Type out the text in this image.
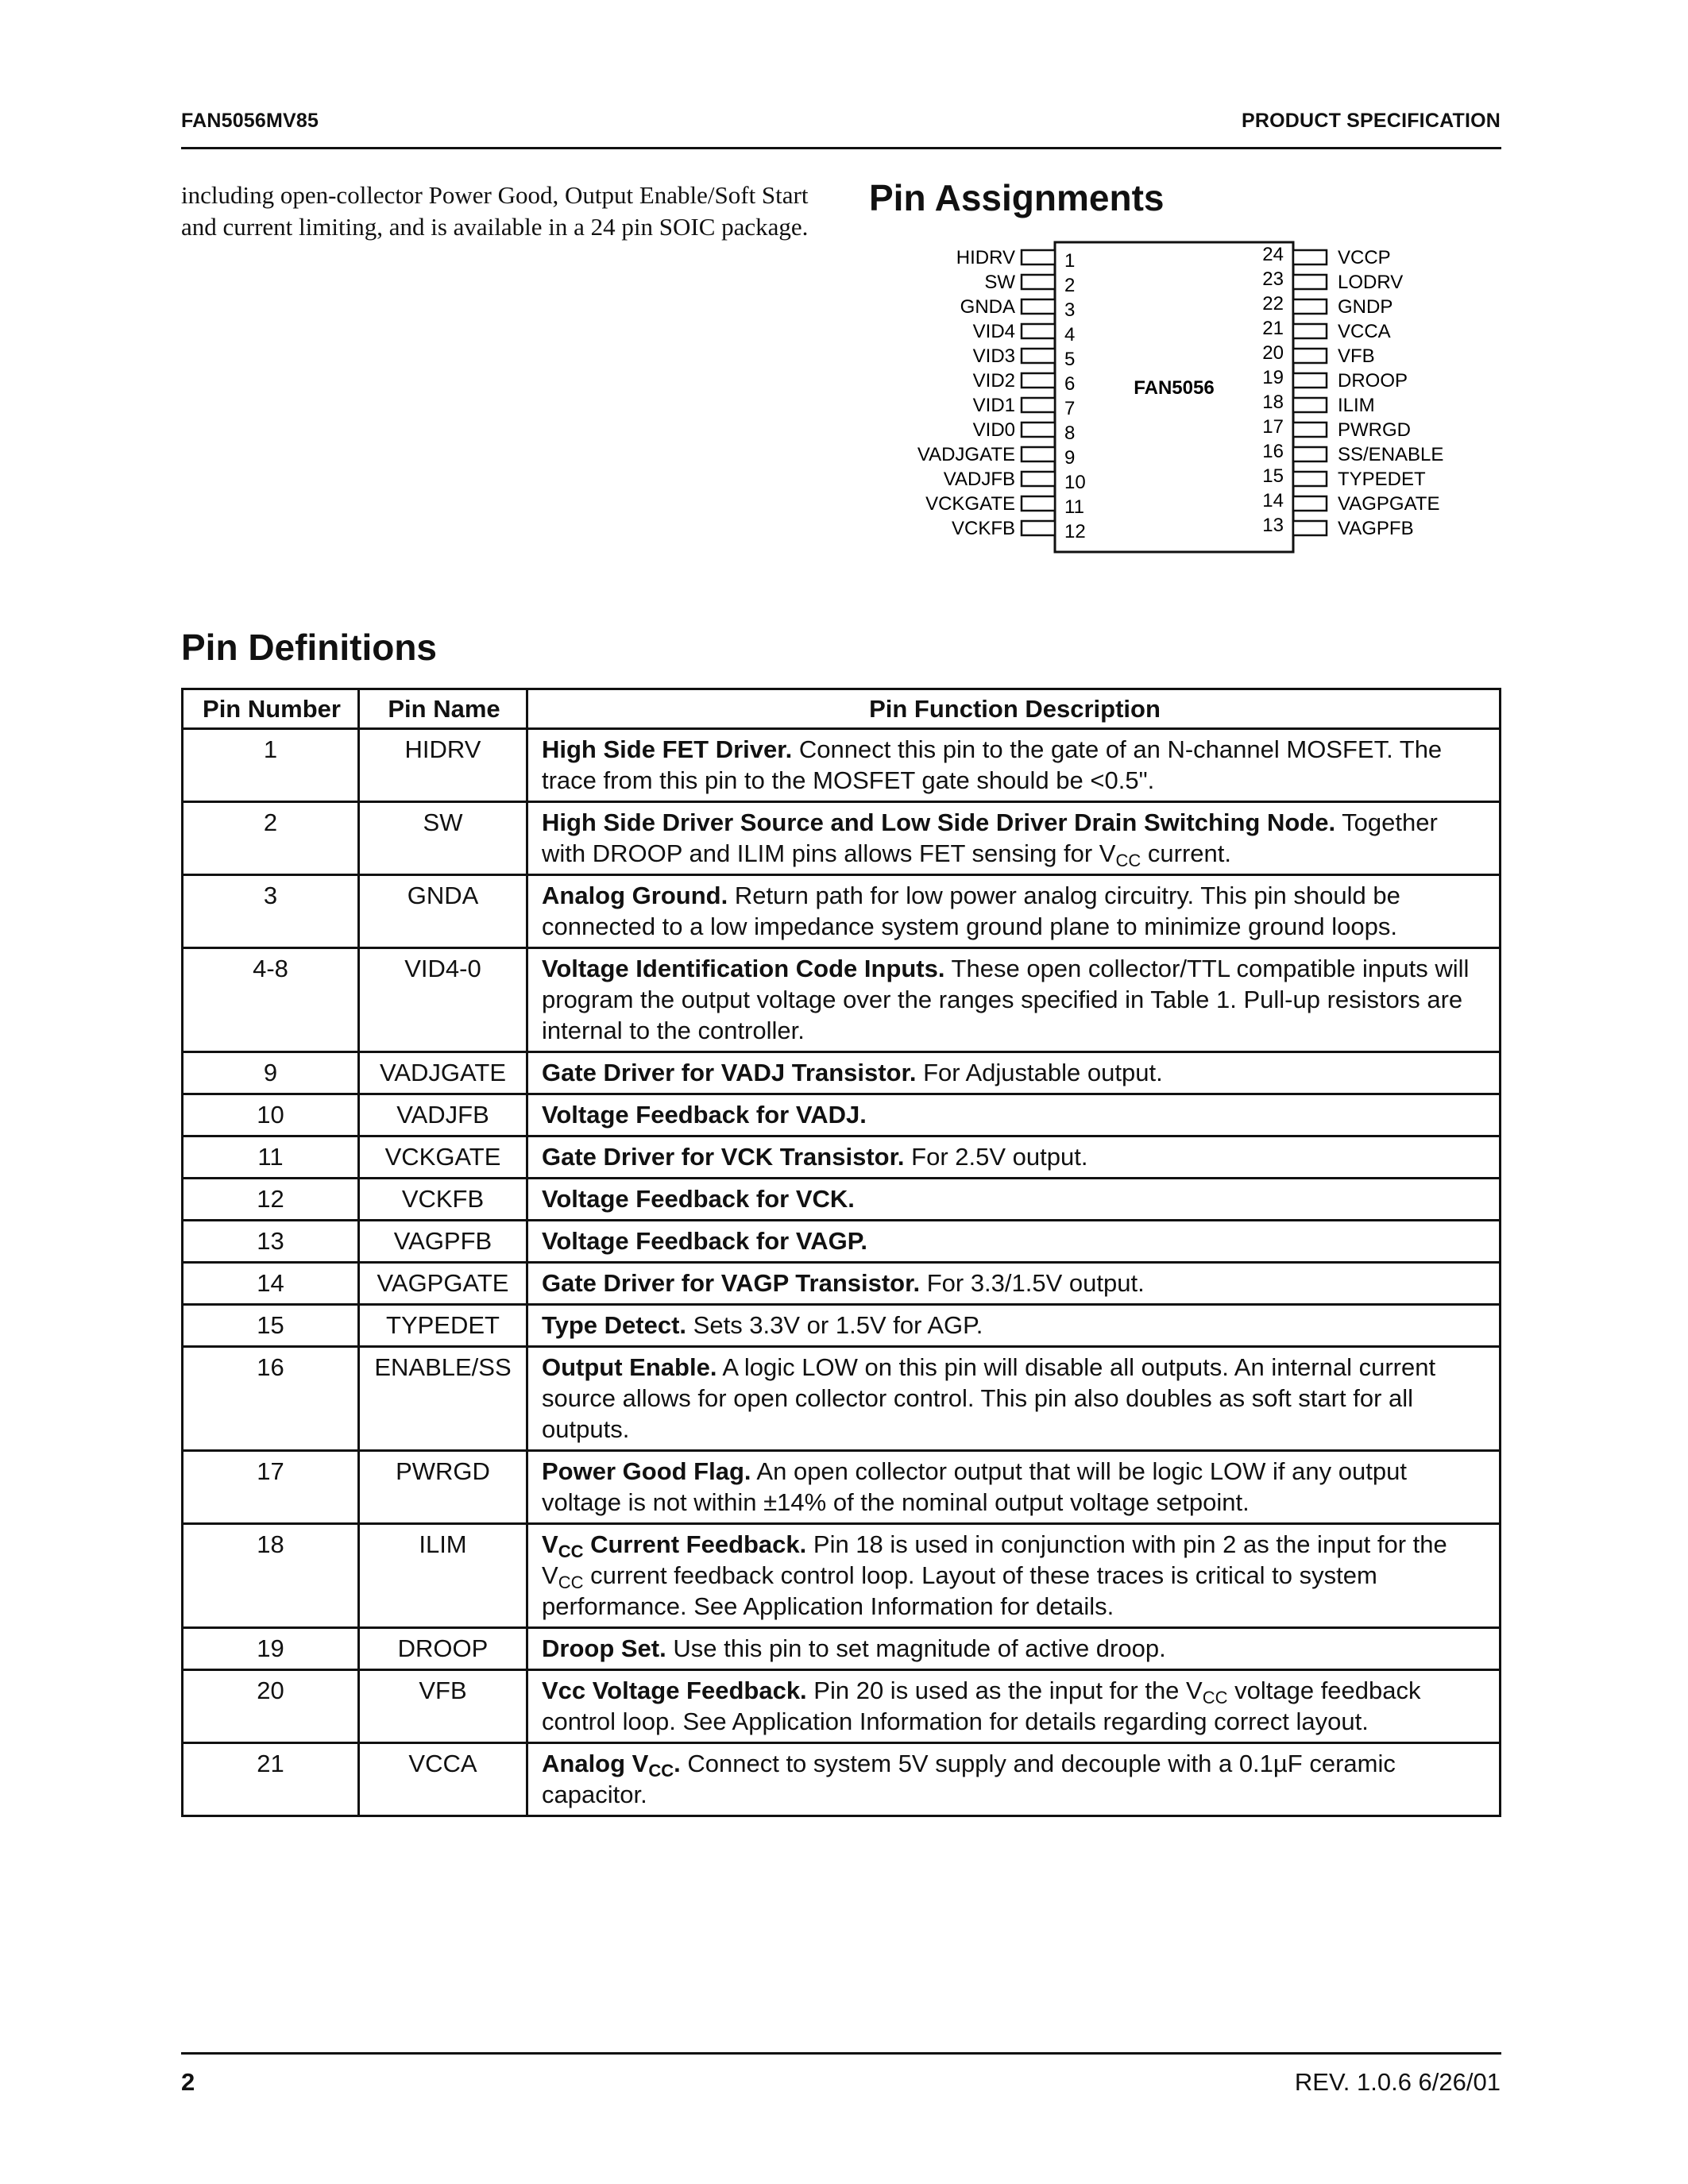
FAN5056MV85	PRODUCT SPECIFICATION
including open-collector Power Good, Output Enable/Soft Start and current limiting, and is available in a 24 pin SOIC package.
Pin Assignments
FAN5056
HIDRV	1
SW	2
GNDA	3
VID4	4
VID3	5
VID2	6
VID1	7
VID0	8
VADJGATE	9
VADJFB	10
VCKGATE	11
VCKFB	12
VCCP
24
LODRV
23
GNDP
22
VCCA
21
VFB
20
DROOP
19
ILIM
18
PWRGD
17
SS/ENABLE
16
TYPEDET
15
VAGPGATE
14
VAGPFB
13
Pin Definitions
Pin Number	Pin Name	Pin Function Description
1	HIDRV	High Side FET Driver. Connect this pin to the gate of an N-channel MOSFET. The trace from this pin to the MOSFET gate should be <0.5".
2	SW	High Side Driver Source and Low Side Driver Drain Switching Node. Together with DROOP and ILIM pins allows FET sensing for $V_{CC}$ current.
3	GNDA	Analog Ground. Return path for low power analog circuitry. This pin should be connected to a low impedance system ground plane to minimize ground loops.
4-8	VID4-0	Voltage Identification Code Inputs. These open collector/TTL compatible inputs will program the output voltage over the ranges specified in Table 1. Pull-up resistors are internal to the controller.
9	VADJGATE	Gate Driver for VADJ Transistor. For Adjustable output.
10	VADJFB	Voltage Feedback for VADJ.
11	VCKGATE	Gate Driver for VCK Transistor. For 2.5V output.
12	VCKFB	Voltage Feedback for VCK.
13	VAGPFB	Voltage Feedback for VAGP.
14	VAGPGATE	Gate Driver for VAGP Transistor. For 3.3/1.5V output.
15	TYPEDET	Type Detect. Sets 3.3V or 1.5V for AGP.
16	ENABLE/SS	Output Enable. A logic LOW on this pin will disable all outputs. An internal current source allows for open collector control. This pin also doubles as soft start for all outputs.
17	PWRGD	Power Good Flag. An open collector output that will be logic LOW if any output voltage is not within ±14% of the nominal output voltage setpoint.
18	ILIM	$V_{CC}$ Current Feedback. Pin 18 is used in conjunction with pin 2 as the input for the $V_{CC}$ current feedback control loop. Layout of these traces is critical to system performance. See Application Information for details.
19	DROOP	Droop Set. Use this pin to set magnitude of active droop.
20	VFB	Vcc Voltage Feedback. Pin 20 is used as the input for the $V_{CC}$ voltage feedback control loop. See Application Information for details regarding correct layout.
21	VCCA	Analog $V_{CC}$. Connect to system 5V supply and decouple with a 0.1µF ceramic capacitor.
2	REV. 1.0.6 6/26/01
